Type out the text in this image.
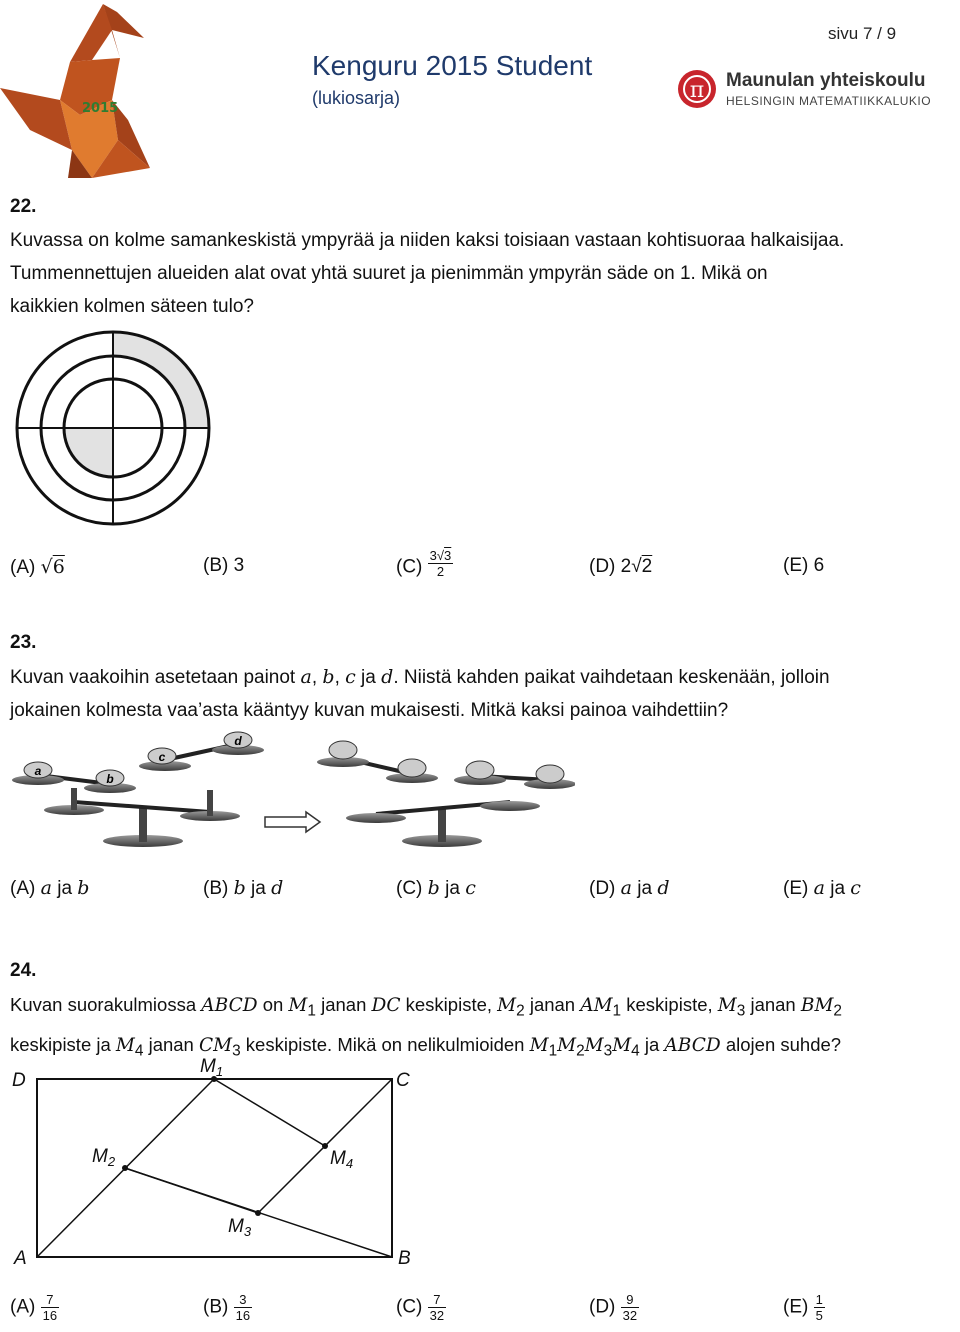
2015
sivu 7 / 9
Kenguru 2015 Student
(lukiosarja)	π Maunulan yhteiskoulu
HELSINGIN MATEMATIIKKALUKIO
22.
Kuvassa on kolme samankeskistä ympyrää ja niiden kaksi toisiaan vastaan kohtisuoraa halkaisijaa.
Tummennettujen alueiden alat ovat yhtä suuret ja pienimmän ympyrän säde on 1. Mikä on
kaikkien kolmen säteen tulo?
(A) √6	(B) 3	$(C) \frac{3√3}{2}$	(D) 2√2	(E) 6
23.
Kuvan vaakoihin asetetaan painot a, b, c ja d. Niistä kahden paikat vaihdetaan keskenään, jolloin
jokainen kolmesta vaa’asta kääntyy kuvan mukaisesti. Mitkä kaksi painoa vaihdettiin?
a
b
c
d
(A) a ja b	(B) b ja d	(C) b ja c	(D) a ja d	(E) a ja c
24.
Kuvan suorakulmiossa ABCD on $M_1$ janan DC keskipiste, $M_2$ janan $AM_1$ keskipiste, $M_3$ janan $BM_2$
keskipiste ja $M_4$ janan $CM_3$ keskipiste. Mikä on nelikulmioiden $M_1M_2M_3M_4$ ja ABCD alojen suhde?
D	C
A	B
$M_1$
$M_2$
$M_3$
$M_4$
$(A) \frac{7}{16}$	$(B) \frac{3}{16}$	$(C) \frac{7}{32}$	$(D) \frac{9}{32}$	$(E) \frac{1}{5}$
